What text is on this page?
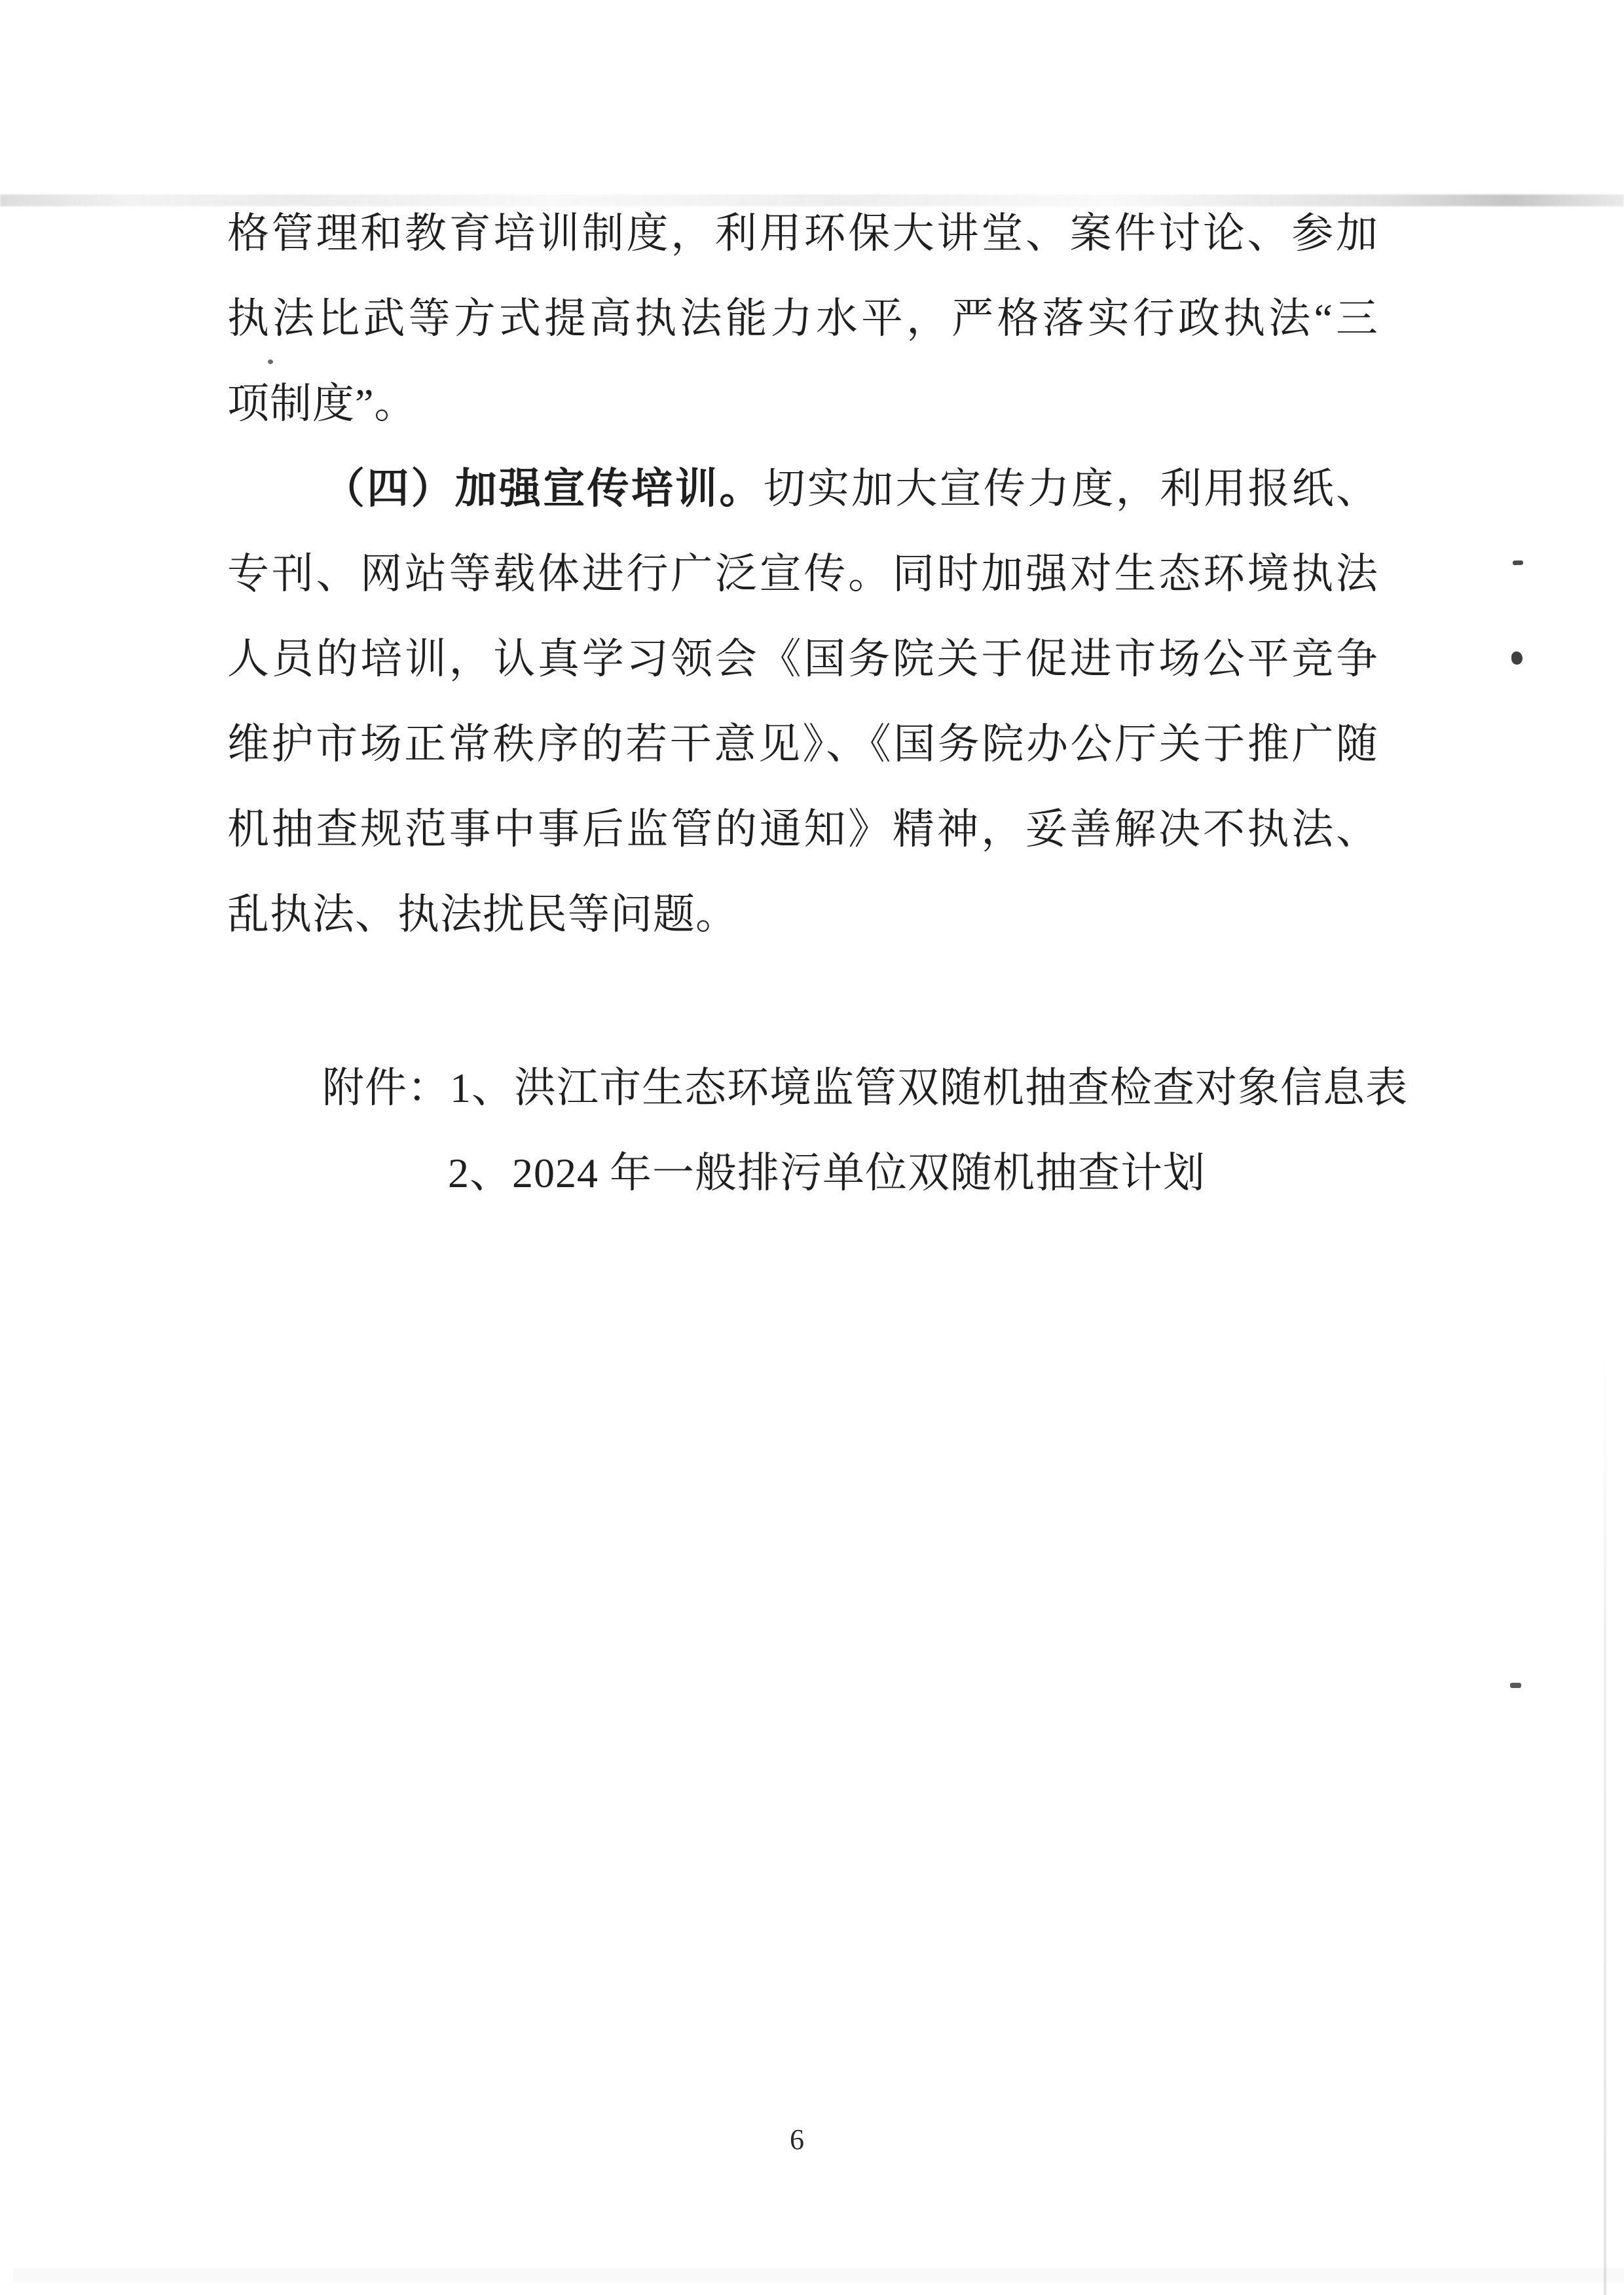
格管理和教育培训制度，利用环保大讲堂、案件讨论、参加
执法比武等方式提高执法能力水平，严格落实行政执法“三
项制度”。
（四）加强宣传培训。切实加大宣传力度，利用报纸、
专刊、网站等载体进行广泛宣传。同时加强对生态环境执法
人员的培训，认真学习领会《国务院关于促进市场公平竞争
维护市场正常秩序的若干意见》、《国务院办公厅关于推广随
机抽查规范事中事后监管的通知》精神，妥善解决不执法、
乱执法、执法扰民等问题。
附件：1、洪江市生态环境监管双随机抽查检查对象信息表
2、2024 年一般排污单位双随机抽查计划
6
